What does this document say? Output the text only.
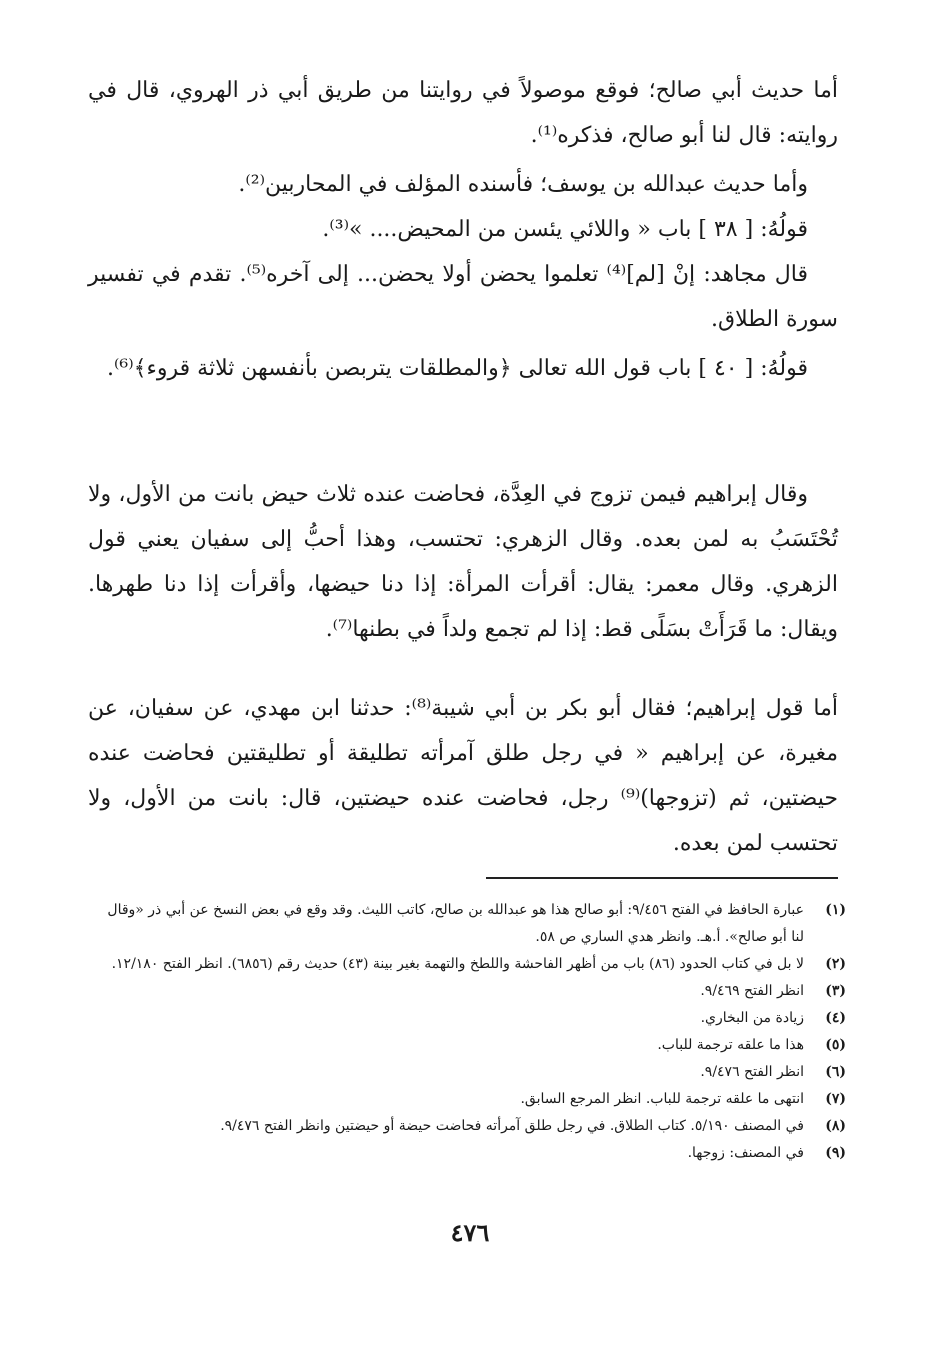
أما حديث أبي صالح؛ فوقع موصولاً في روايتنا من طريق أبي ذر الهروي، قال في روايته: قال لنا أبو صالح، فذكره⁽¹⁾.

وأما حديث عبدالله بن يوسف؛ فأسنده المؤلف في المحاربين⁽²⁾.

قولُهُ: [ ٣٨ ] باب « واللائي يئسن من المحيض.... »⁽³⁾.

قال مجاهد: إنْ [لم]⁽⁴⁾ تعلموا يحضن أولا يحضن... إلى آخره⁽⁵⁾. تقدم في تفسير سورة الطلاق.

قولُهُ: [ ٤٠ ] باب قول الله تعالى ﴿والمطلقات يتربصن بأنفسهن ثلاثة قروء﴾⁽⁶⁾.

وقال إبراهيم فيمن تزوج في العِدَّة، فحاضت عنده ثلاث حيض بانت من الأول، ولا تُحْتَسَبُ به لمن بعده. وقال الزهري: تحتسب، وهذا أحبُّ إلى سفيان يعني قول الزهري. وقال معمر: يقال: أقرأت المرأة: إذا دنا حيضها، وأقرأت إذا دنا طهرها. ويقال: ما قَرَأَتْ بسَلًى قط: إذا لم تجمع ولداً في بطنها⁽⁷⁾.

أما قول إبراهيم؛ فقال أبو بكر بن أبي شيبة⁽⁸⁾: حدثنا ابن مهدي، عن سفيان، عن مغيرة، عن إبراهيم « في رجل طلق آمرأته تطليقة أو تطليقتين فحاضت عنده حيضتين، ثم (تزوجها)⁽⁹⁾ رجل، فحاضت عنده حيضتين، قال: بانت من الأول، ولا تحتسب لمن بعده.

(١)
عبارة الحافظ في الفتح ٩/٤٥٦: أبو صالح هذا هو عبدالله بن صالح، كاتب الليث. وقد وقع في بعض النسخ عن أبي ذر «وقال لنا أبو صالح». أ.هـ. وانظر هدي الساري ص ٥٨.
(٢)
لا بل في كتاب الحدود (٨٦) باب من أظهر الفاحشة واللطخ والتهمة بغير بينة (٤٣) حديث رقم (٦٨٥٦). انظر الفتح ١٢/١٨٠.
(٣)
انظر الفتح ٩/٤٦٩.
(٤)
زيادة من البخاري.
(٥)
هذا ما علقه ترجمة للباب.
(٦)
انظر الفتح ٩/٤٧٦.
(٧)
انتهى ما علقه ترجمة للباب. انظر المرجع السابق.
(٨)
في المصنف ٥/١٩٠. كتاب الطلاق. في رجل طلق آمرأته فحاضت حيضة أو حيضتين وانظر الفتح ٩/٤٧٦.
(٩)
في المصنف: زوجها.
٤٧٦
